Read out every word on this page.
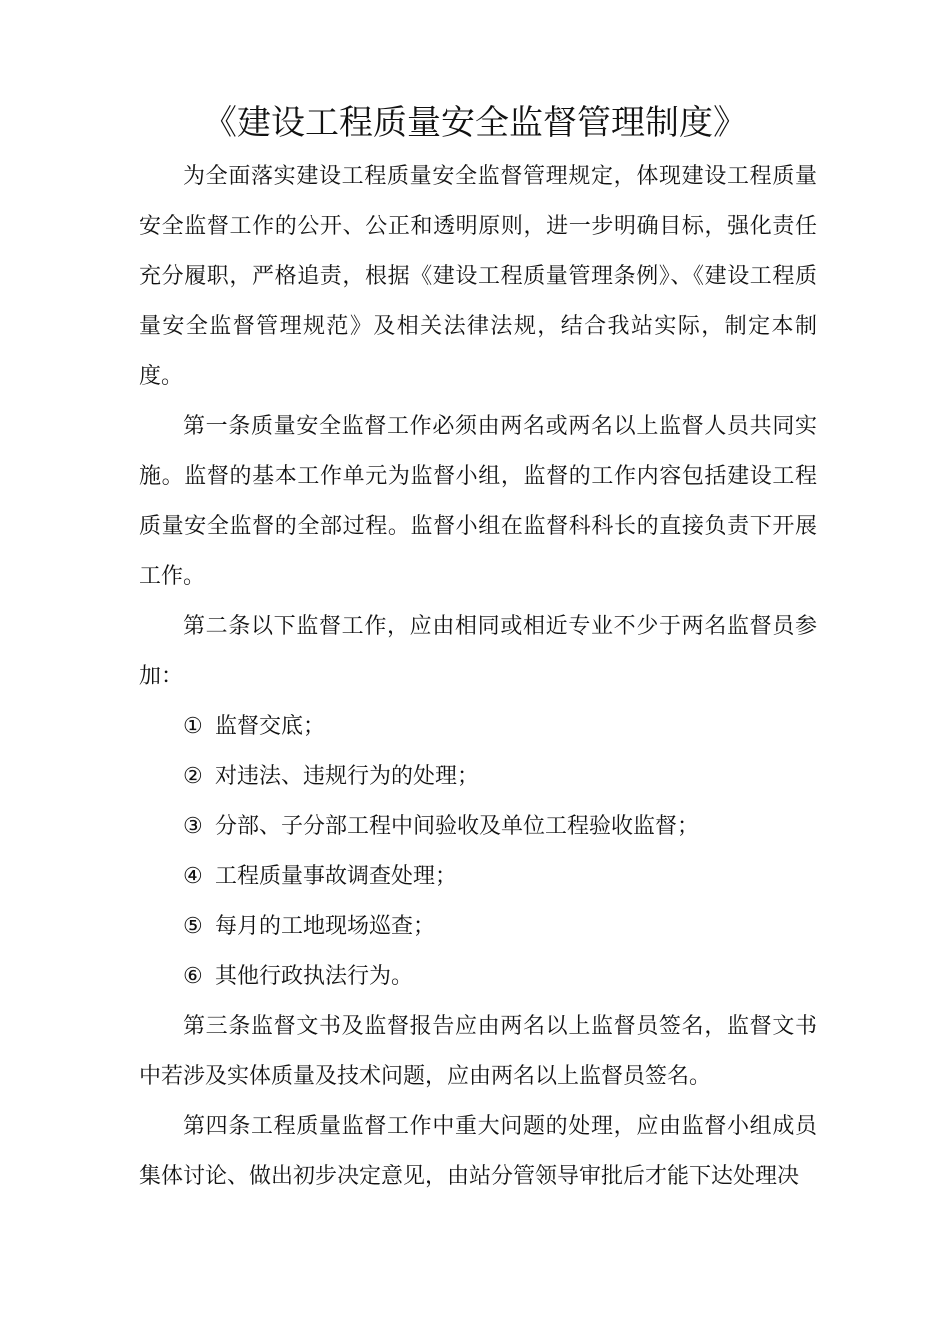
《建设工程质量安全监督管理制度》

为全面落实建设工程质量安全监督管理规定，体现建设工程质量安全监督工作的公开、公正和透明原则，进一步明确目标，强化责任充分履职，严格追责，根据《建设工程质量管理条例》、《建设工程质量安全监督管理规范》及相关法律法规，结合我站实际，制定本制度。

第一条质量安全监督工作必须由两名或两名以上监督人员共同实施。监督的基本工作单元为监督小组，监督的工作内容包括建设工程质量安全监督的全部过程。监督小组在监督科科长的直接负责下开展工作。

第二条以下监督工作，应由相同或相近专业不少于两名监督员参加：

① 监督交底；
② 对违法、违规行为的处理；
③ 分部、子分部工程中间验收及单位工程验收监督；
④ 工程质量事故调查处理；
⑤ 每月的工地现场巡查；
⑥ 其他行政执法行为。

第三条监督文书及监督报告应由两名以上监督员签名，监督文书中若涉及实体质量及技术问题，应由两名以上监督员签名。

第四条工程质量监督工作中重大问题的处理，应由监督小组成员集体讨论、做出初步决定意见，由站分管领导审批后才能下达处理决
